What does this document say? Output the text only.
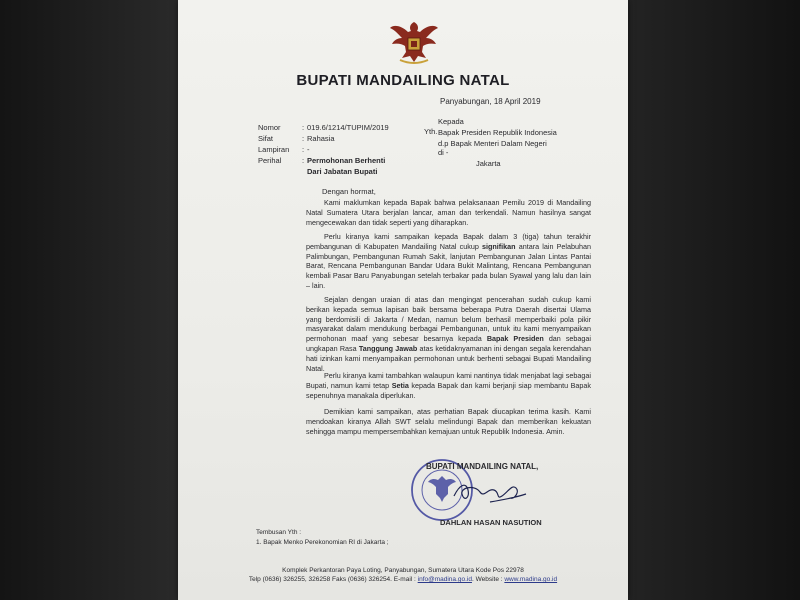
BUPATI MANDAILING NATAL
Panyabungan, 18 April 2019
Nomor
Sifat
Lampiran
Perihal
:
:
:
:
019.6/1214/TUPIM/2019
Rahasia
-
Permohonan Berhenti
Dari Jabatan Bupati
Kepada
Bapak Presiden Republik Indonesia
d.p Bapak Menteri Dalam Negeri
Yth.
di -
Jakarta
Dengan hormat,
Kami maklumkan kepada Bapak bahwa pelaksanaan Pemilu 2019 di Mandailing Natal Sumatera Utara berjalan lancar, aman dan terkendali. Namun hasilnya sangat mengecewakan dan tidak seperti yang diharapkan.
Perlu kiranya kami sampaikan kepada Bapak dalam 3 (tiga) tahun terakhir pembangunan di Kabupaten Mandailing Natal cukup signifikan antara lain Pelabuhan Palimbungan, Pembangunan Rumah Sakit, lanjutan Pembangunan Jalan Lintas Pantai Barat, Rencana Pembangunan Bandar Udara Bukit Malintang, Rencana Pembangunan kembali Pasar Baru Panyabungan setelah terbakar pada bulan Syawal yang lalu dan lain – lain.
Sejalan dengan uraian di atas dan mengingat pencerahan sudah cukup kami berikan kepada semua lapisan baik bersama beberapa Putra Daerah disertai Ulama yang berdomisili di Jakarta / Medan, namun belum berhasil memperbaiki pola pikir masyarakat dalam mendukung berbagai Pembangunan, untuk itu kami menyampaikan permohonan maaf yang sebesar besarnya kepada Bapak Presiden dan sebagai ungkapan Rasa Tanggung Jawab atas ketidaknyamanan ini dengan segala kerendahan hati izinkan kami menyampaikan permohonan untuk berhenti sebagai Bupati Mandailing Natal.
Perlu kiranya kami tambahkan walaupun kami nantinya tidak menjabat lagi sebagai Bupati, namun kami tetap Setia kepada Bapak dan kami berjanji siap membantu Bapak sepenuhnya manakala diperlukan.
Demikian kami sampaikan, atas perhatian Bapak diucapkan terima kasih. Kami mendoakan kiranya Allah SWT selalu melindungi Bapak dan memberikan kekuatan sehingga mampu mempersembahkan kemajuan untuk Republik Indonesia. Amin.
BUPATI MANDAILING NATAL,
DAHLAN HASAN NASUTION
Tembusan Yth :
1. Bapak Menko Perekonomian RI di Jakarta ;
Komplek Perkantoran Paya Loting, Panyabungan, Sumatera Utara Kode Pos 22978
Telp (0636) 326255, 326258 Faks (0636) 326254. E-mail : info@madina.go.id. Website : www.madina.go.id
